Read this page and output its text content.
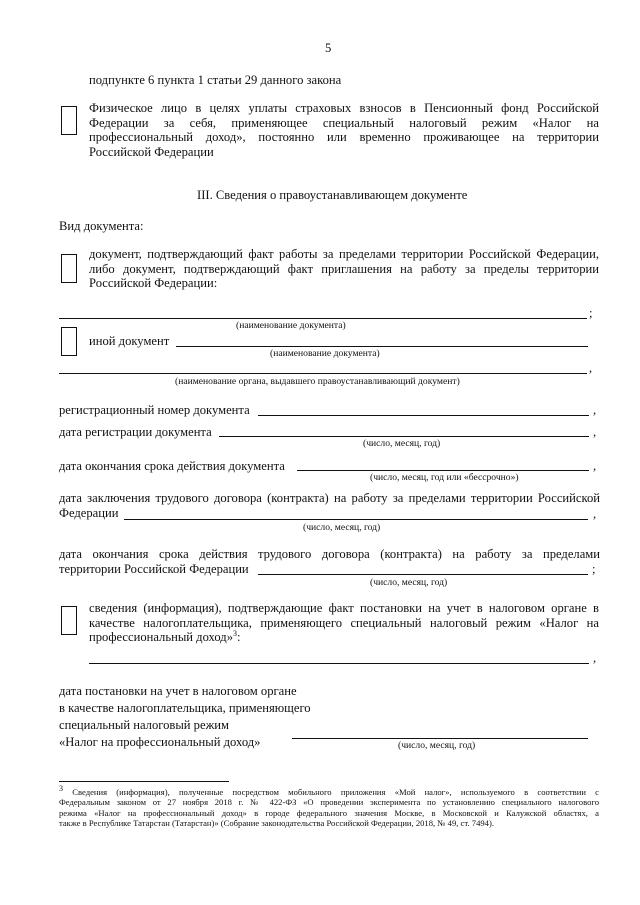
5
подпункте 6 пункта 1 статьи 29 данного закона
Физическое лицо в целях уплаты страховых взносов в Пенсионный фонд Российской
Федерации за себя, применяющее специальный налоговый режим «Налог на
профессиональный доход», постоянно или временно проживающее на территории
Российской Федерации
III. Сведения о правоустанавливающем документе
Вид документа:
документ, подтверждающий факт работы за пределами территории Российской Федерации,
либо документ, подтверждающий факт приглашения на работу за пределы территории
Российской Федерации:
;
(наименование документа)
иной документ
(наименование документа)
,
(наименование органа, выдавшего правоустанавливающий документ)
регистрационный номер документа	,
дата регистрации документа	,
(число, месяц, год)
дата окончания срока действия документа	,
(число, месяц, год или «бессрочно»)
дата заключения трудового договора (контракта) на работу за пределами территории Российской
Федерации	,
(число, месяц, год)
дата окончания срока действия трудового договора (контракта) на работу за пределами
территории Российской Федерации	;
(число, месяц, год)
сведения (информация), подтверждающие факт постановки на учет в налоговом органе в
качестве налогоплательщика, применяющего специальный налоговый режим «Налог на
профессиональный доход»$^3$:
,
дата постановки на учет в налоговом органе
в качестве налогоплательщика, применяющего
специальный налоговый режим
«Налог на профессиональный доход»	(число, месяц, год)
$^3$ Сведения (информация), полученные посредством мобильного приложения «Мой налог», используемого в соответствии с
Федеральным законом от 27 ноября 2018 г. № 422-ФЗ «О проведении эксперимента по установлению специального налогового
режима «Налог на профессиональный доход» в городе федерального значения Москве, в Московской и Калужской областях, а
также в Республике Татарстан (Татарстан)» (Собрание законодательства Российской Федерации, 2018, № 49, ст. 7494).
